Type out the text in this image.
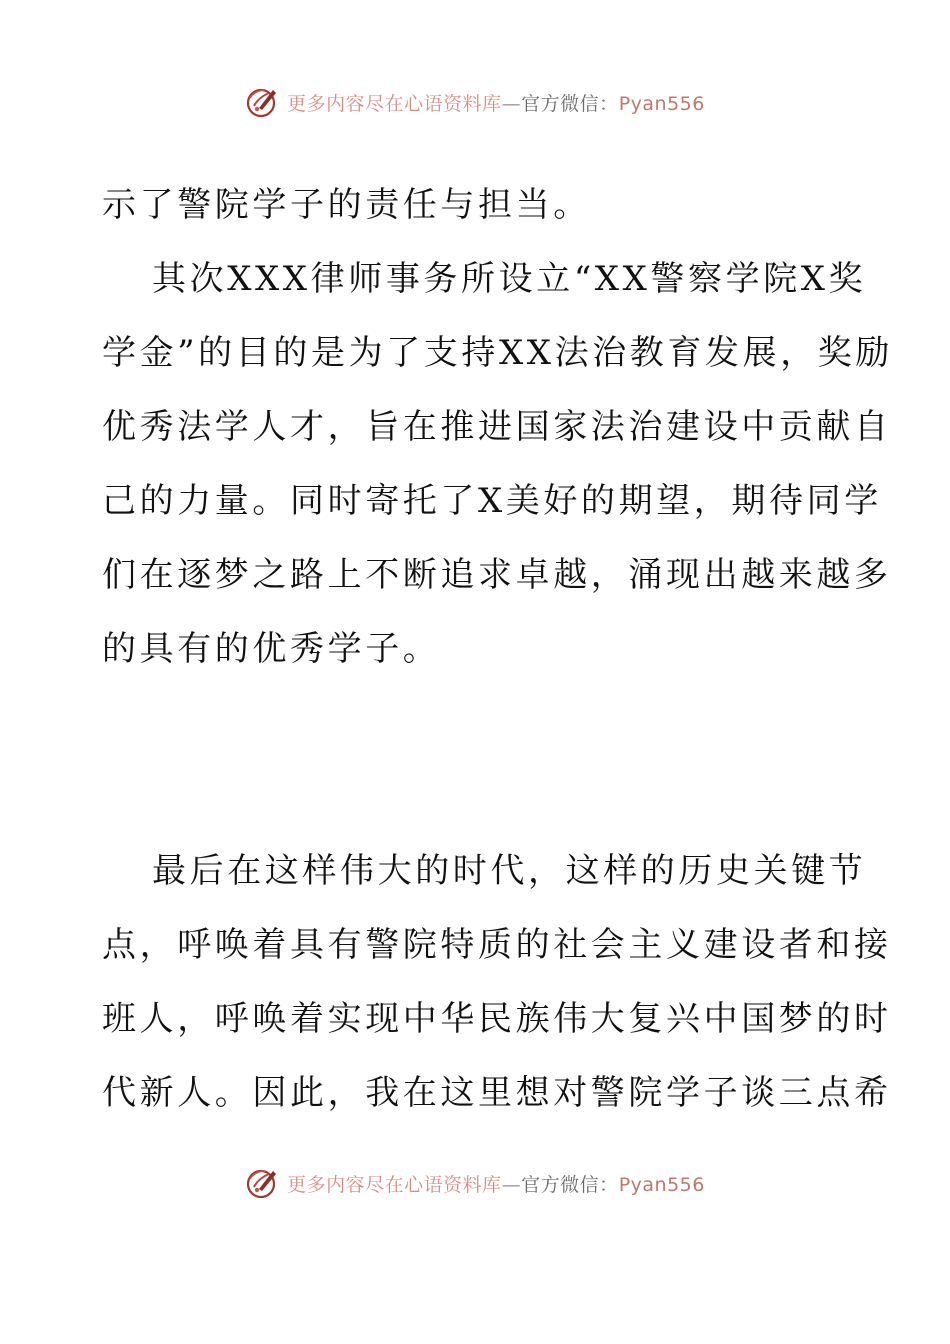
更多内容尽在心语资料库—官方微信：Pyan556
示了警院学子的责任与担当。
其次XXX律师事务所设立“XX警察学院X奖
学金”的目的是为了支持XX法治教育发展，奖励
优秀法学人才，旨在推进国家法治建设中贡献自
己的力量。同时寄托了X美好的期望，期待同学
们在逐梦之路上不断追求卓越，涌现出越来越多
的具有的优秀学子。
最后在这样伟大的时代，这样的历史关键节
点，呼唤着具有警院特质的社会主义建设者和接
班人，呼唤着实现中华民族伟大复兴中国梦的时
代新人。因此，我在这里想对警院学子谈三点希
更多内容尽在心语资料库—官方微信：Pyan556
